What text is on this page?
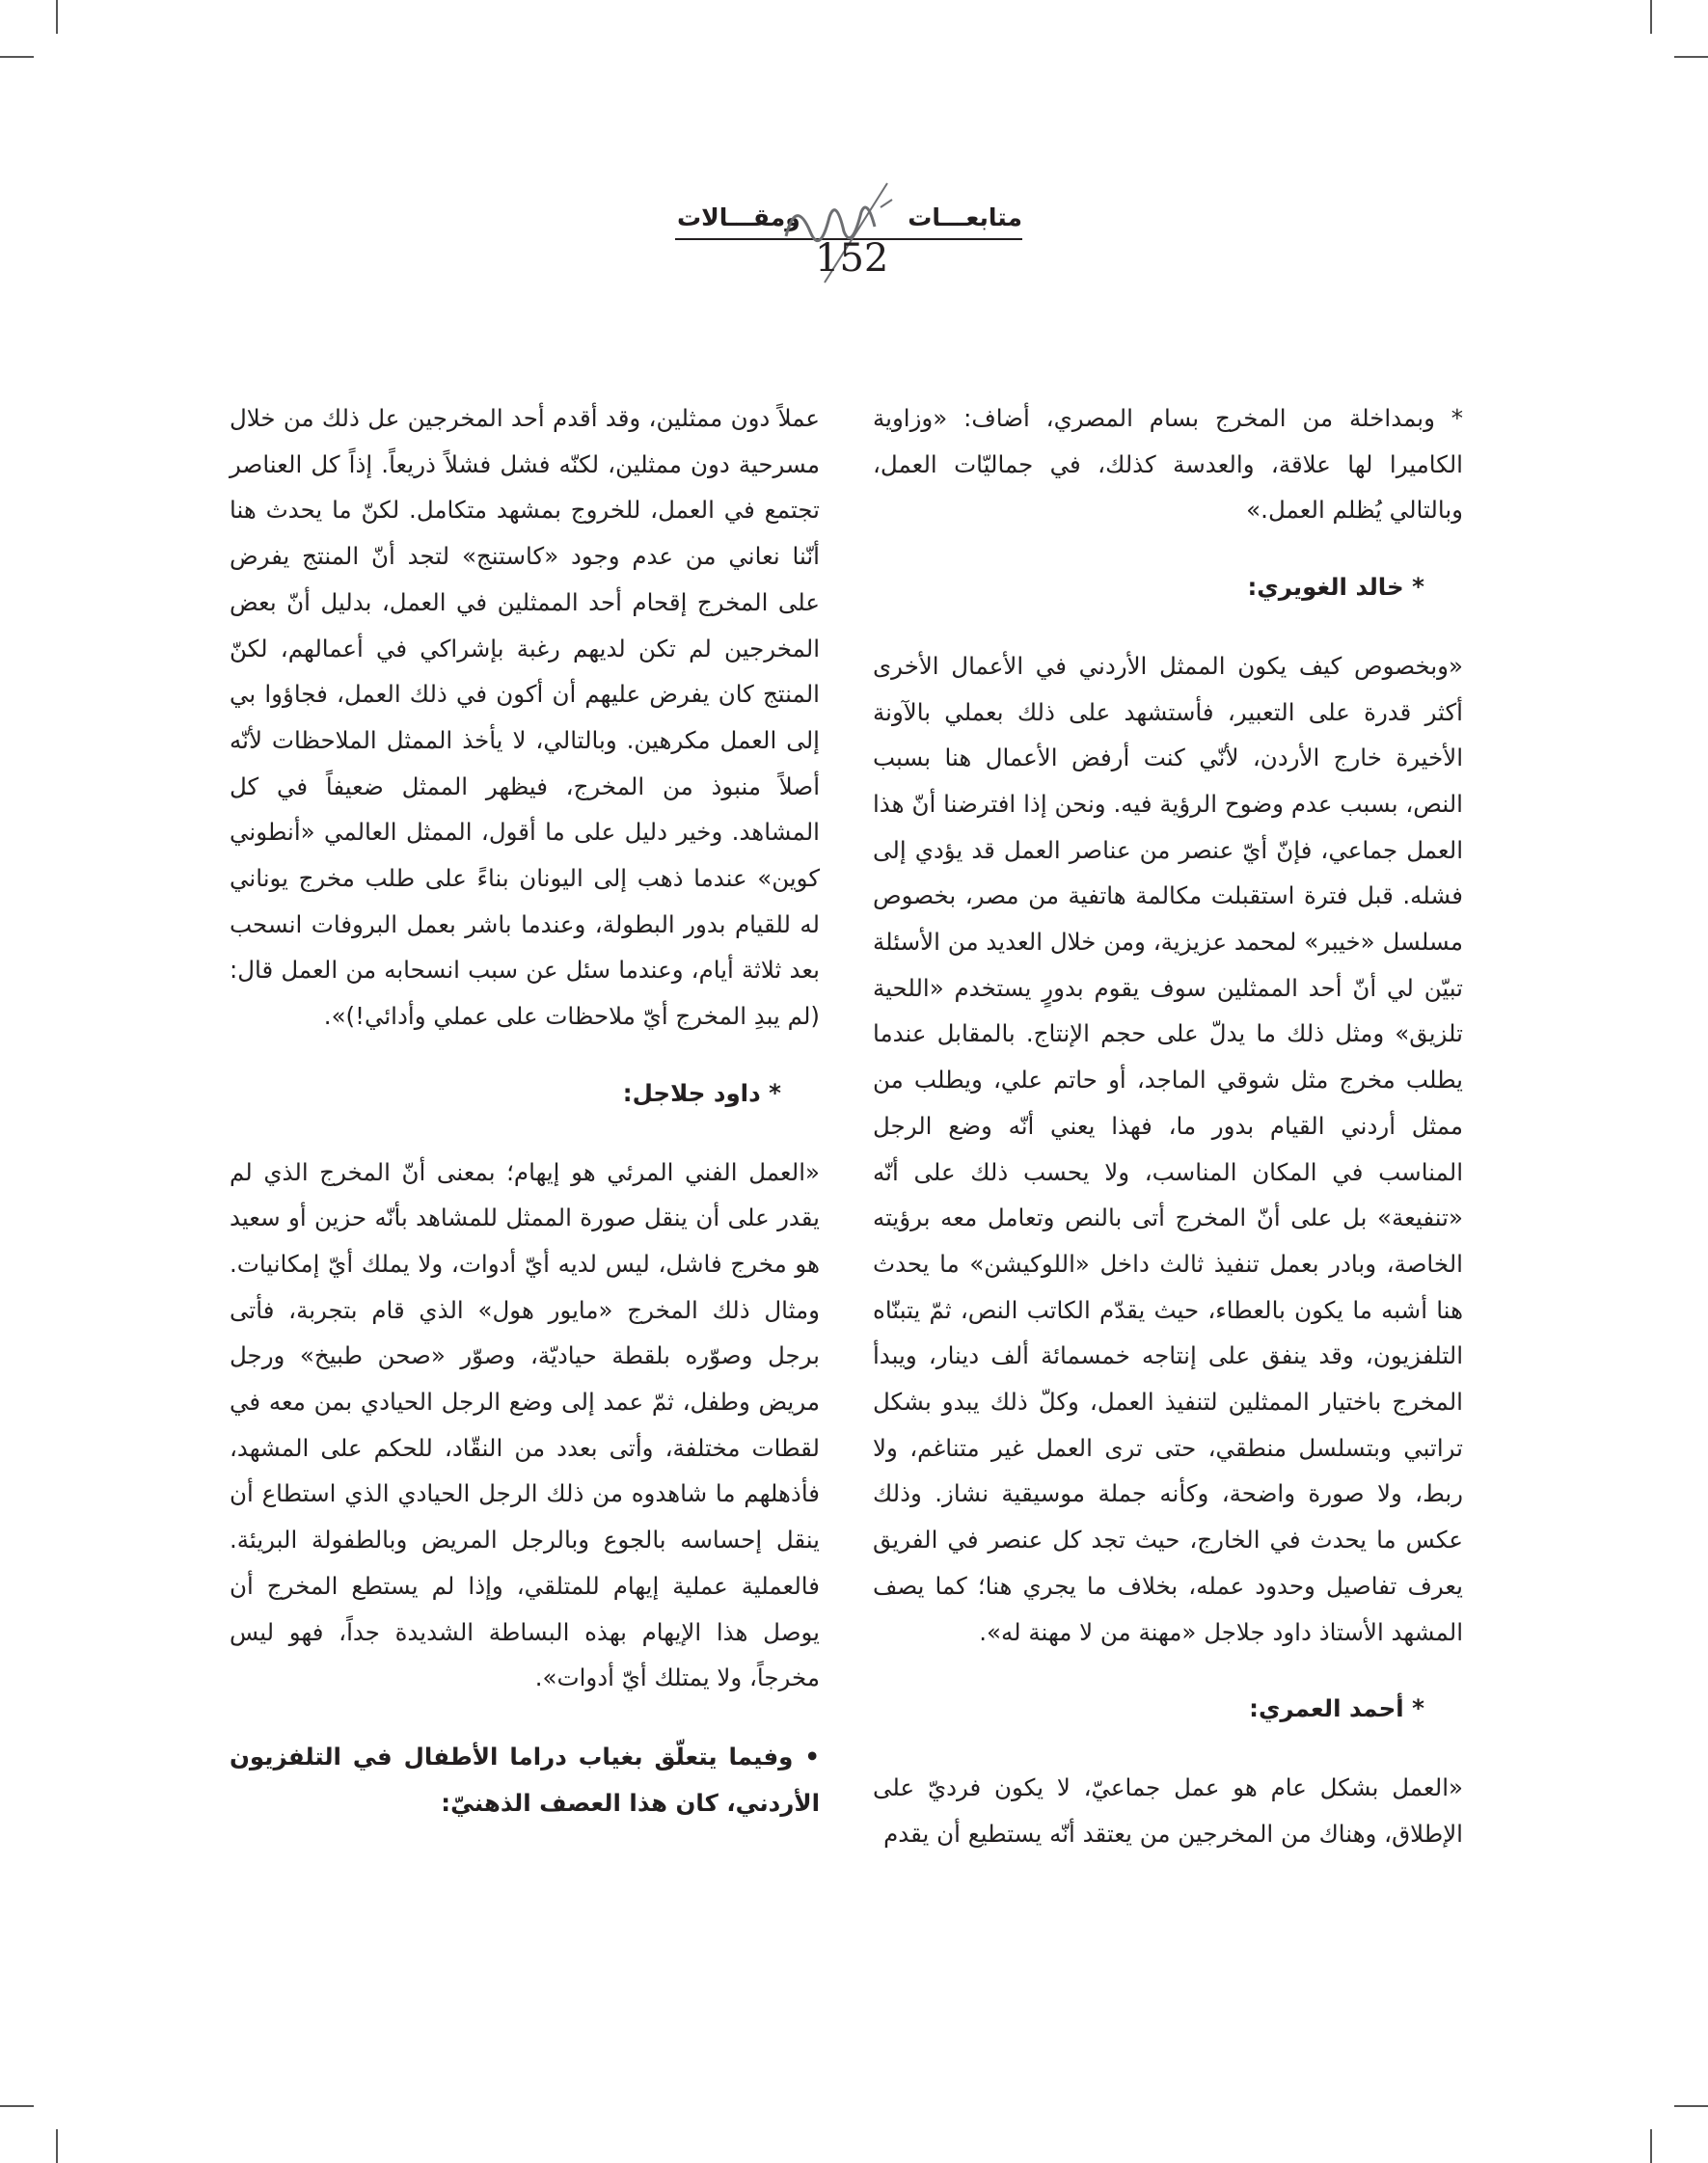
متابعـــات
ومقـــالات
152

* وبمداخلة من المخرج بسام المصري، أضاف: «وزاوية الكاميرا لها علاقة، والعدسة كذلك، في جماليّات العمل، وبالتالي يُظلم العمل.»

* خالد الغويري:

«وبخصوص كيف يكون الممثل الأردني في الأعمال الأخرى أكثر قدرة على التعبير، فأستشهد على ذلك بعملي بالآونة الأخيرة خارج الأردن، لأنّي كنت أرفض الأعمال هنا بسبب النص، بسبب عدم وضوح الرؤية فيه. ونحن إذا افترضنا أنّ هذا العمل جماعي، فإنّ أيّ عنصر من عناصر العمل قد يؤدي إلى فشله. قبل فترة استقبلت مكالمة هاتفية من مصر، بخصوص مسلسل «خيبر» لمحمد عزيزية، ومن خلال العديد من الأسئلة تبيّن لي أنّ أحد الممثلين سوف يقوم بدورٍ يستخدم «اللحية تلزيق» ومثل ذلك ما يدلّ على حجم الإنتاج. بالمقابل عندما يطلب مخرج مثل شوقي الماجد، أو حاتم علي، ويطلب من ممثل أردني القيام بدور ما، فهذا يعني أنّه وضع الرجل المناسب في المكان المناسب، ولا يحسب ذلك على أنّه «تنفيعة» بل على أنّ المخرج أتى بالنص وتعامل معه برؤيته الخاصة، وبادر بعمل تنفيذ ثالث داخل «اللوكيشن» ما يحدث هنا أشبه ما يكون بالعطاء، حيث يقدّم الكاتب النص، ثمّ يتبنّاه التلفزيون، وقد ينفق على إنتاجه خمسمائة ألف دينار، ويبدأ المخرج باختيار الممثلين لتنفيذ العمل، وكلّ ذلك يبدو بشكل تراتبي وبتسلسل منطقي، حتى ترى العمل غير متناغم، ولا ربط، ولا صورة واضحة، وكأنه جملة موسيقية نشاز. وذلك عكس ما يحدث في الخارج، حيث تجد كل عنصر في الفريق يعرف تفاصيل وحدود عمله، بخلاف ما يجري هنا؛ كما يصف المشهد الأستاذ داود جلاجل «مهنة من لا مهنة له».

* أحمد العمري:

«العمل بشكل عام هو عمل جماعيّ، لا يكون فرديّ على الإطلاق، وهناك من المخرجين من يعتقد أنّه يستطيع أن يقدم

عملاً دون ممثلين، وقد أقدم أحد المخرجين عل ذلك من خلال مسرحية دون ممثلين، لكنّه فشل فشلاً ذريعاً. إذاً كل العناصر تجتمع في العمل، للخروج بمشهد متكامل. لكنّ ما يحدث هنا أنّنا نعاني من عدم وجود «كاستنج» لتجد أنّ المنتج يفرض على المخرج إقحام أحد الممثلين في العمل، بدليل أنّ بعض المخرجين لم تكن لديهم رغبة بإشراكي في أعمالهم، لكنّ المنتج كان يفرض عليهم أن أكون في ذلك العمل، فجاؤوا بي إلى العمل مكرهين. وبالتالي، لا يأخذ الممثل الملاحظات لأنّه أصلاً منبوذ من المخرج، فيظهر الممثل ضعيفاً في كل المشاهد. وخير دليل على ما أقول، الممثل العالمي «أنطوني كوين» عندما ذهب إلى اليونان بناءً على طلب مخرج يوناني له للقيام بدور البطولة، وعندما باشر بعمل البروفات انسحب بعد ثلاثة أيام، وعندما سئل عن سبب انسحابه من العمل قال: (لم يبدِ المخرج أيّ ملاحظات على عملي وأدائي!)».

* داود جلاجل:

«العمل الفني المرئي هو إيهام؛ بمعنى أنّ المخرج الذي لم يقدر على أن ينقل صورة الممثل للمشاهد بأنّه حزين أو سعيد هو مخرج فاشل، ليس لديه أيّ أدوات، ولا يملك أيّ إمكانيات. ومثال ذلك المخرج «مايور هول» الذي قام بتجربة، فأتى برجل وصوّره بلقطة حياديّة، وصوّر «صحن طبيخ» ورجل مريض وطفل، ثمّ عمد إلى وضع الرجل الحيادي بمن معه في لقطات مختلفة، وأتى بعدد من النقّاد، للحكم على المشهد، فأذهلهم ما شاهدوه من ذلك الرجل الحيادي الذي استطاع أن ينقل إحساسه بالجوع وبالرجل المريض وبالطفولة البريئة. فالعملية عملية إيهام للمتلقي، وإذا لم يستطع المخرج أن يوصل هذا الإيهام بهذه البساطة الشديدة جداً، فهو ليس مخرجاً، ولا يمتلك أيّ أدوات».

• وفيما يتعلّق بغياب دراما الأطفال في التلفزيون الأردني، كان هذا العصف الذهنيّ:
